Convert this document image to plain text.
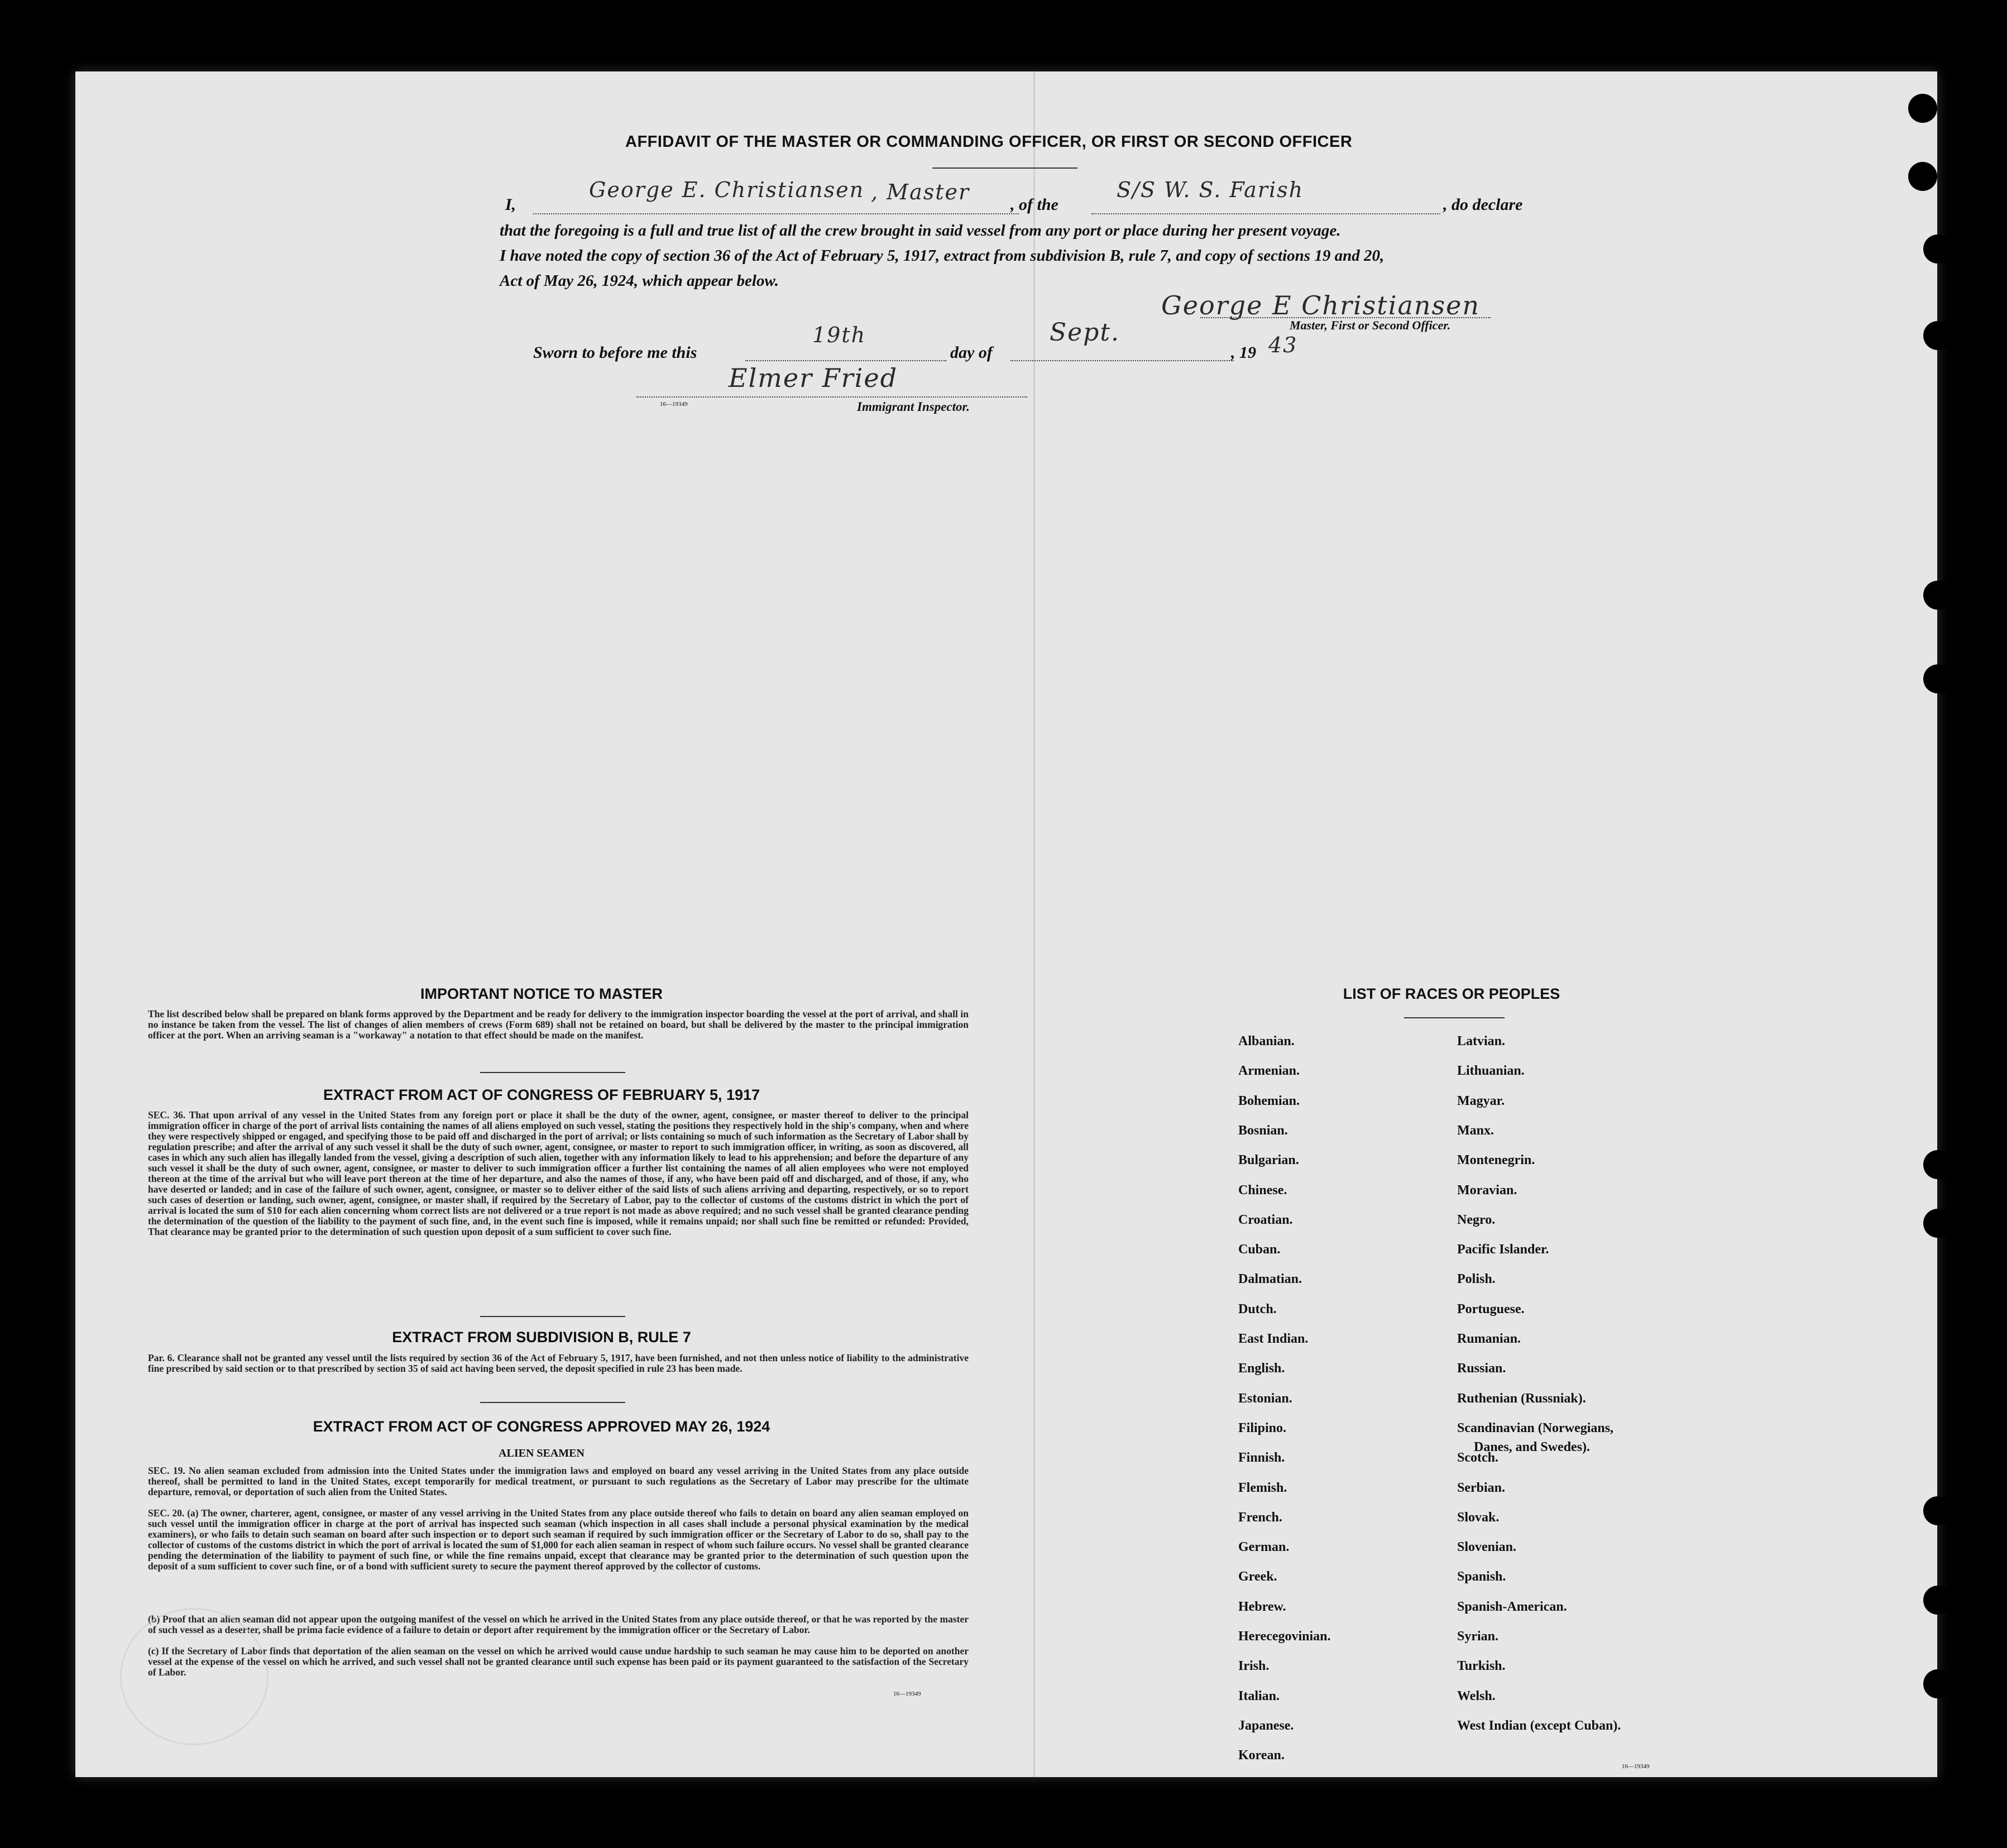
AFFIDAVIT OF THE MASTER OR COMMANDING OFFICER, OR FIRST OR SECOND OFFICER
I,
George E. Christiansen , Master
, of the
S/S W. S. Farish
, do declare
that the foregoing is a full and true list of all the crew brought in said vessel from any port or place during her present voyage.
I have noted the copy of section 36 of the Act of February 5, 1917, extract from subdivision B, rule 7, and copy of sections 19 and 20,
Act of May 26, 1924, which appear below.
George E Christiansen
Master, First or Second Officer.
Sworn to before me this
19th
day of
Sept.
, 19 43
Elmer Fried
16—19349	Immigrant Inspector.
IMPORTANT NOTICE TO MASTER
The list described below shall be prepared on blank forms approved by the Department and be ready for delivery to the immigration inspector boarding the vessel at the port of arrival, and shall in no instance be taken from the vessel. The list of changes of alien members of crews (Form 689) shall not be retained on board, but shall be delivered by the master to the principal immigration officer at the port. When an arriving seaman is a "workaway" a notation to that effect should be made on the manifest.
EXTRACT FROM ACT OF CONGRESS OF FEBRUARY 5, 1917
SEC. 36. That upon arrival of any vessel in the United States from any foreign port or place it shall be the duty of the owner, agent, consignee, or master thereof to deliver to the principal immigration officer in charge of the port of arrival lists containing the names of all aliens employed on such vessel, stating the positions they respectively hold in the ship's company, when and where they were respectively shipped or engaged, and specifying those to be paid off and discharged in the port of arrival; or lists containing so much of such information as the Secretary of Labor shall by regulation prescribe; and after the arrival of any such vessel it shall be the duty of such owner, agent, consignee, or master to report to such immigration officer, in writing, as soon as discovered, all cases in which any such alien has illegally landed from the vessel, giving a description of such alien, together with any information likely to lead to his apprehension; and before the departure of any such vessel it shall be the duty of such owner, agent, consignee, or master to deliver to such immigration officer a further list containing the names of all alien employees who were not employed thereon at the time of the arrival but who will leave port thereon at the time of her departure, and also the names of those, if any, who have been paid off and discharged, and of those, if any, who have deserted or landed; and in case of the failure of such owner, agent, consignee, or master so to deliver either of the said lists of such aliens arriving and departing, respectively, or so to report such cases of desertion or landing, such owner, agent, consignee, or master shall, if required by the Secretary of Labor, pay to the collector of customs of the customs district in which the port of arrival is located the sum of $10 for each alien concerning whom correct lists are not delivered or a true report is not made as above required; and no such vessel shall be granted clearance pending the determination of the question of the liability to the payment of such fine, and, in the event such fine is imposed, while it remains unpaid; nor shall such fine be remitted or refunded: Provided, That clearance may be granted prior to the determination of such question upon deposit of a sum sufficient to cover such fine.
EXTRACT FROM SUBDIVISION B, RULE 7
Par. 6. Clearance shall not be granted any vessel until the lists required by section 36 of the Act of February 5, 1917, have been furnished, and not then unless notice of liability to the administrative fine prescribed by said section or to that prescribed by section 35 of said act having been served, the deposit specified in rule 23 has been made.
EXTRACT FROM ACT OF CONGRESS APPROVED MAY 26, 1924
ALIEN SEAMEN
SEC. 19. No alien seaman excluded from admission into the United States under the immigration laws and employed on board any vessel arriving in the United States from any place outside thereof, shall be permitted to land in the United States, except temporarily for medical treatment, or pursuant to such regulations as the Secretary of Labor may prescribe for the ultimate departure, removal, or deportation of such alien from the United States.
SEC. 20. (a) The owner, charterer, agent, consignee, or master of any vessel arriving in the United States from any place outside thereof who fails to detain on board any alien seaman employed on such vessel until the immigration officer in charge at the port of arrival has inspected such seaman (which inspection in all cases shall include a personal physical examination by the medical examiners), or who fails to detain such seaman on board after such inspection or to deport such seaman if required by such immigration officer or the Secretary of Labor to do so, shall pay to the collector of customs of the customs district in which the port of arrival is located the sum of $1,000 for each alien seaman in respect of whom such failure occurs. No vessel shall be granted clearance pending the determination of the liability to payment of such fine, or while the fine remains unpaid, except that clearance may be granted prior to the determination of such question upon the deposit of a sum sufficient to cover such fine, or of a bond with sufficient surety to secure the payment thereof approved by the collector of customs.
(b) Proof that an alien seaman did not appear upon the outgoing manifest of the vessel on which he arrived in the United States from any place outside thereof, or that he was reported by the master of such vessel as a deserter, shall be prima facie evidence of a failure to detain or deport after requirement by the immigration officer or the Secretary of Labor.
(c) If the Secretary of Labor finds that deportation of the alien seaman on the vessel on which he arrived would cause undue hardship to such seaman he may cause him to be deported on another vessel at the expense of the vessel on which he arrived, and such vessel shall not be granted clearance until such expense has been paid or its payment guaranteed to the satisfaction of the Secretary of Labor.
16—19349
LIST OF RACES OR PEOPLES
Albanian.
Armenian.
Bohemian.
Bosnian.
Bulgarian.
Chinese.
Croatian.
Cuban.
Dalmatian.
Dutch.
East Indian.
English.
Estonian.
Filipino.
Finnish.
Flemish.
French.
German.
Greek.
Hebrew.
Herecegovinian.
Irish.
Italian.
Japanese.
Korean.
Latvian.
Lithuanian.
Magyar.
Manx.
Montenegrin.
Moravian.
Negro.
Pacific Islander.
Polish.
Portuguese.
Rumanian.
Russian.
Ruthenian (Russniak).
Scandinavian (Norwegians,
Danes, and Swedes).
Scotch.
Serbian.
Slovak.
Slovenian.
Spanish.
Spanish-American.
Syrian.
Turkish.
Welsh.
West Indian (except Cuban).
16—19349
